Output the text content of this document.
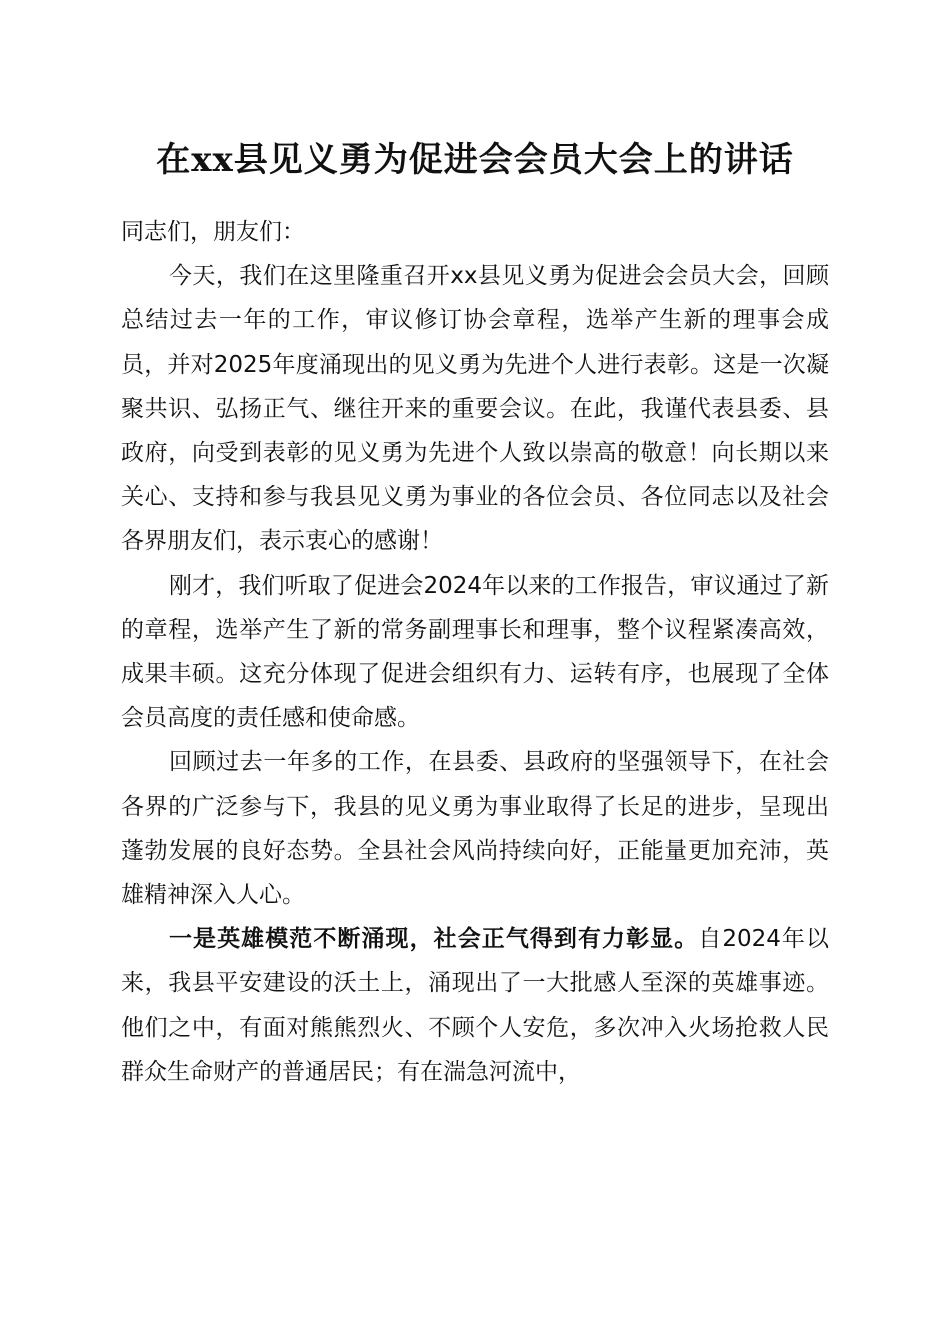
在xx县见义勇为促进会会员大会上的讲话

同志们，朋友们：

今天，我们在这里隆重召开xx县见义勇为促进会会员大会，回顾总结过去一年的工作，审议修订协会章程，选举产生新的理事会成员，并对2025年度涌现出的见义勇为先进个人进行表彰。这是一次凝聚共识、弘扬正气、继往开来的重要会议。在此，我谨代表县委、县政府，向受到表彰的见义勇为先进个人致以崇高的敬意！向长期以来关心、支持和参与我县见义勇为事业的各位会员、各位同志以及社会各界朋友们，表示衷心的感谢！

刚才，我们听取了促进会2024年以来的工作报告，审议通过了新的章程，选举产生了新的常务副理事长和理事，整个议程紧凑高效，成果丰硕。这充分体现了促进会组织有力、运转有序，也展现了全体会员高度的责任感和使命感。

回顾过去一年多的工作，在县委、县政府的坚强领导下，在社会各界的广泛参与下，我县的见义勇为事业取得了长足的进步，呈现出蓬勃发展的良好态势。全县社会风尚持续向好，正能量更加充沛，英雄精神深入人心。

一是英雄模范不断涌现，社会正气得到有力彰显。自2024年以来，我县平安建设的沃土上，涌现出了一大批感人至深的英雄事迹。他们之中，有面对熊熊烈火、不顾个人安危，多次冲入火场抢救人民群众生命财产的普通居民；有在湍急河流中，
